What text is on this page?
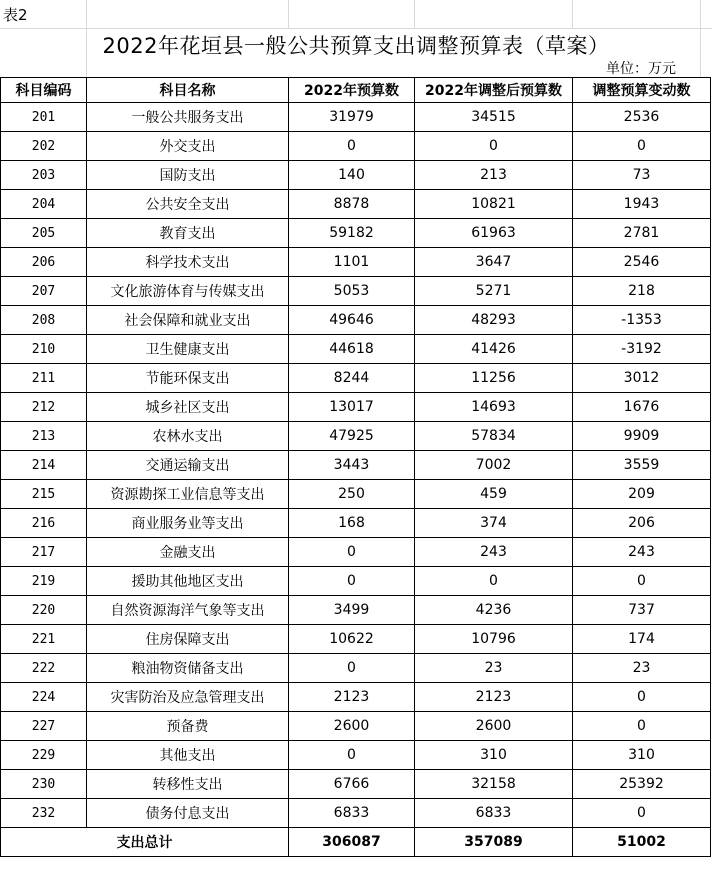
表2
2022年花垣县一般公共预算支出调整预算表（草案）
单位：万元
科目编码	科目名称	2022年预算数	2022年调整后预算数	调整预算变动数
201	一般公共服务支出	31979	34515	2536
202	外交支出	0	0	0
203	国防支出	140	213	73
204	公共安全支出	8878	10821	1943
205	教育支出	59182	61963	2781
206	科学技术支出	1101	3647	2546
207	文化旅游体育与传媒支出	5053	5271	218
208	社会保障和就业支出	49646	48293	-1353
210	卫生健康支出	44618	41426	-3192
211	节能环保支出	8244	11256	3012
212	城乡社区支出	13017	14693	1676
213	农林水支出	47925	57834	9909
214	交通运输支出	3443	7002	3559
215	资源勘探工业信息等支出	250	459	209
216	商业服务业等支出	168	374	206
217	金融支出	0	243	243
219	援助其他地区支出	0	0	0
220	自然资源海洋气象等支出	3499	4236	737
221	住房保障支出	10622	10796	174
222	粮油物资储备支出	0	23	23
224	灾害防治及应急管理支出	2123	2123	0
227	预备费	2600	2600	0
229	其他支出	0	310	310
230	转移性支出	6766	32158	25392
232	债务付息支出	6833	6833	0
支出总计		306087	357089	51002
